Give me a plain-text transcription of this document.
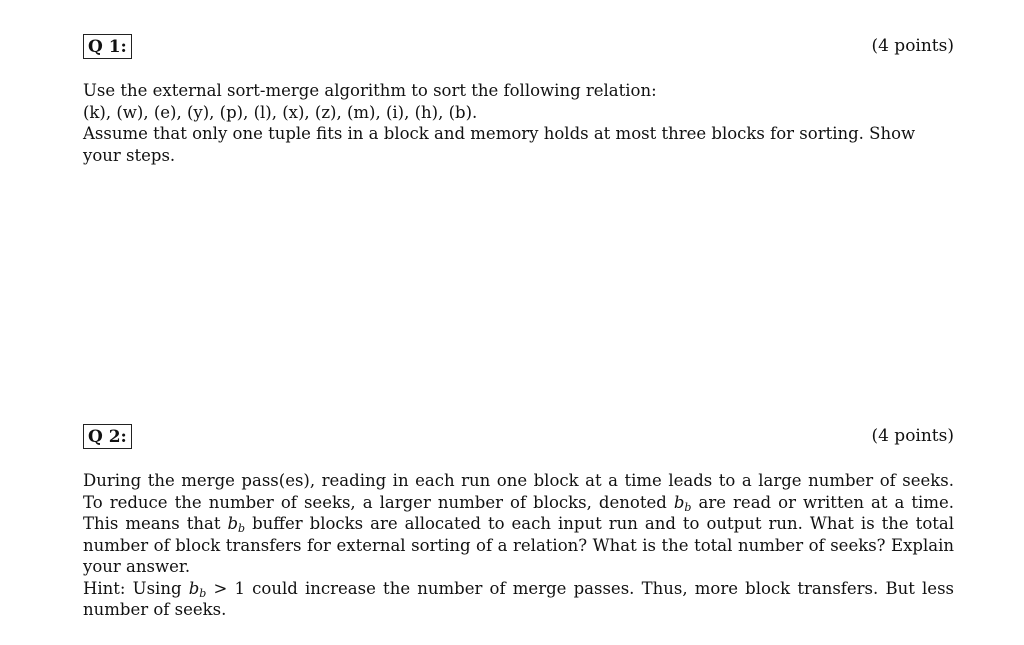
Q 1:	(4 points)

Use the external sort-merge algorithm to sort the following relation:

(k), (w), (e), (y), (p), (l), (x), (z), (m), (i), (h), (b).

Assume that only one tuple fits in a block and memory holds at most three blocks for sorting. Show your steps.

Q 2:	(4 points)

During the merge pass(es), reading in each run one block at a time leads to a large number of seeks. To reduce the number of seeks, a larger number of blocks, denoted $b_b$ are read or written at a time. This means that $b_b$ buffer blocks are allocated to each input run and to output run. What is the total number of block transfers for external sorting of a relation? What is the total number of seeks? Explain your answer.

Hint: Using $b_b > 1$ could increase the number of merge passes. Thus, more block transfers. But less number of seeks.
